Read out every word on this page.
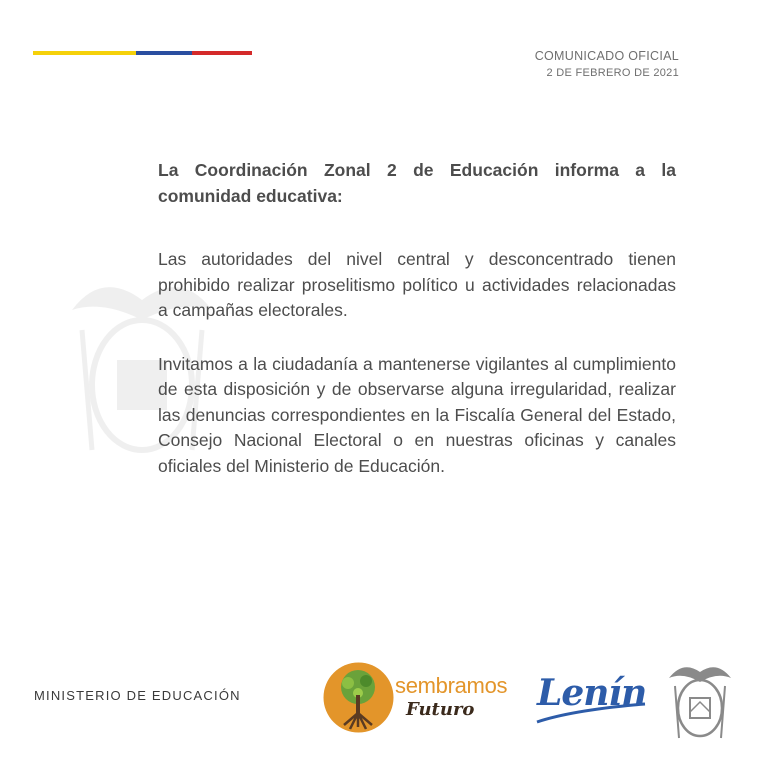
COMUNICADO OFICIAL
2 DE FEBRERO DE 2021

La Coordinación Zonal 2 de Educación informa a la comunidad educativa:

Las autoridades del nivel central y desconcentrado tienen prohibido realizar proselitismo político u actividades relacionadas a campañas electorales.

Invitamos a la ciudadanía a mantenerse vigilantes al cumplimiento de esta disposición y de observarse alguna irregularidad, realizar las denuncias correspondientes en la Fiscalía General del Estado, Consejo Nacional Electoral o en nuestras oficinas y canales oficiales del Ministerio de Educación.

MINISTERIO DE EDUCACIÓN	sembramos
Futuro Lenín
